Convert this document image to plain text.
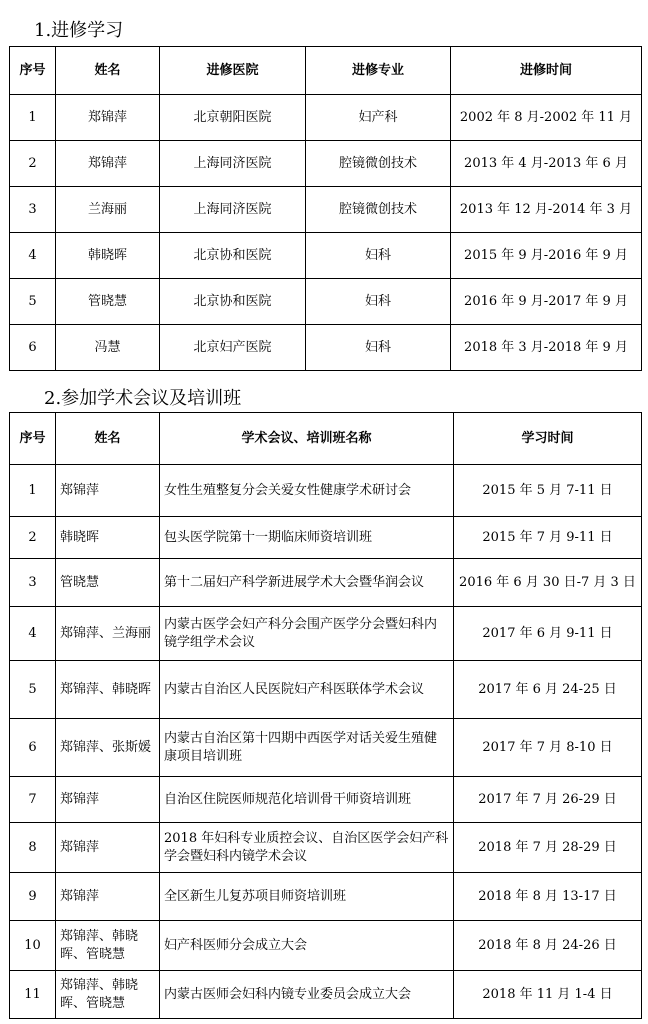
1.进修学习
序号	姓名	进修医院	进修专业	进修时间
1	郑锦萍	北京朝阳医院	妇产科	2002 年 8 月-2002 年 11 月
2	郑锦萍	上海同济医院	腔镜微创技术	2013 年 4 月-2013 年 6 月
3	兰海丽	上海同济医院	腔镜微创技术	2013 年 12 月-2014 年 3 月
4	韩晓晖	北京协和医院	妇科	2015 年 9 月-2016 年 9 月
5	管晓慧	北京协和医院	妇科	2016 年 9 月-2017 年 9 月
6	冯慧	北京妇产医院	妇科	2018 年 3 月-2018 年 9 月
2.参加学术会议及培训班
序号	姓名	学术会议、培训班名称	学习时间
1	郑锦萍	女性生殖整复分会关爱女性健康学术研讨会	2015 年 5 月 7-11 日
2	韩晓晖	包头医学院第十一期临床师资培训班	2015 年 7 月 9-11 日
3	管晓慧	第十二届妇产科学新进展学术大会暨华润会议	2016 年 6 月 30 日-7 月 3 日
4	郑锦萍、兰海丽	内蒙古医学会妇产科分会围产医学分会暨妇科内镜学组学术会议	2017 年 6 月 9-11 日
5	郑锦萍、韩晓晖	内蒙古自治区人民医院妇产科医联体学术会议	2017 年 6 月 24-25 日
6	郑锦萍、张斯媛	内蒙古自治区第十四期中西医学对话关爱生殖健康项目培训班	2017 年 7 月 8-10 日
7	郑锦萍	自治区住院医师规范化培训骨干师资培训班	2017 年 7 月 26-29 日
8	郑锦萍	2018 年妇科专业质控会议、自治区医学会妇产科学会暨妇科内镜学术会议	2018 年 7 月 28-29 日
9	郑锦萍	全区新生儿复苏项目师资培训班	2018 年 8 月 13-17 日
10	郑锦萍、韩晓晖、管晓慧	妇产科医师分会成立大会	2018 年 8 月 24-26 日
11	郑锦萍、韩晓晖、管晓慧	内蒙古医师会妇科内镜专业委员会成立大会	2018 年 11 月 1-4 日
